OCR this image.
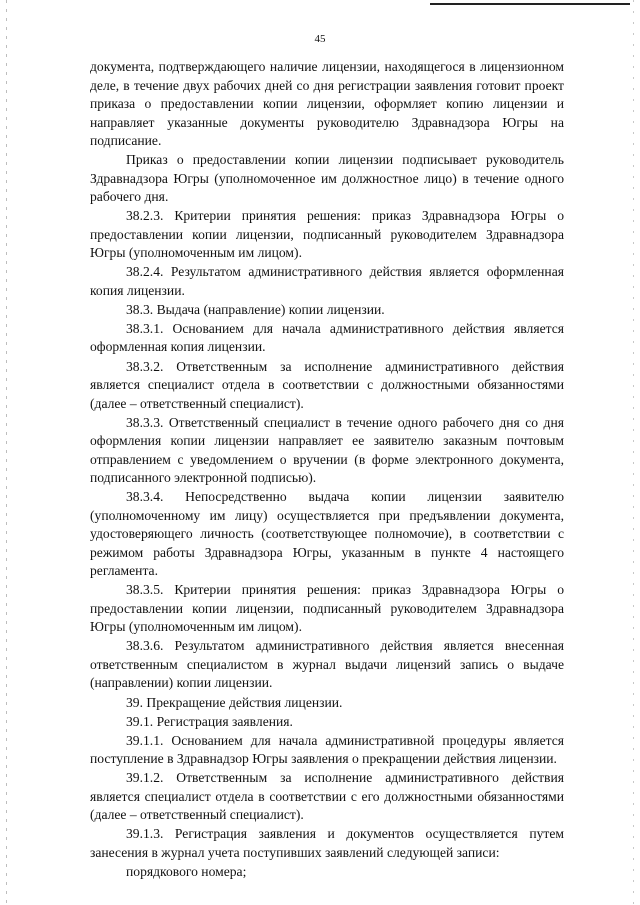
45

документа, подтверждающего наличие лицензии, находящегося в лицензионном деле, в течение двух рабочих дней со дня регистрации заявления готовит проект приказа о предоставлении копии лицензии, оформляет копию лицензии и направляет указанные документы руководителю Здравнадзора Югры на подписание.

Приказ о предоставлении копии лицензии подписывает руководитель Здравнадзора Югры (уполномоченное им должностное лицо) в течение одного рабочего дня.

38.2.3. Критерии принятия решения: приказ Здравнадзора Югры о предоставлении копии лицензии, подписанный руководителем Здравнадзора Югры (уполномоченным им лицом).

38.2.4. Результатом административного действия является оформленная копия лицензии.

38.3. Выдача (направление) копии лицензии.

38.3.1. Основанием для начала административного действия является оформленная копия лицензии.

38.3.2. Ответственным за исполнение административного действия является специалист отдела в соответствии с должностными обязанностями (далее – ответственный специалист).

38.3.3. Ответственный специалист в течение одного рабочего дня со дня оформления копии лицензии направляет ее заявителю заказным почтовым отправлением с уведомлением о вручении (в форме электронного документа, подписанного электронной подписью).

38.3.4. Непосредственно выдача копии лицензии заявителю (уполномоченному им лицу) осуществляется при предъявлении документа, удостоверяющего личность (соответствующее полномочие), в соответствии с режимом работы Здравнадзора Югры, указанным в пункте 4 настоящего регламента.

38.3.5. Критерии принятия решения: приказ Здравнадзора Югры о предоставлении копии лицензии, подписанный руководителем Здравнадзора Югры (уполномоченным им лицом).

38.3.6. Результатом административного действия является внесенная ответственным специалистом в журнал выдачи лицензий запись о выдаче (направлении) копии лицензии.

39. Прекращение действия лицензии.

39.1. Регистрация заявления.

39.1.1. Основанием для начала административной процедуры является поступление в Здравнадзор Югры заявления о прекращении действия лицензии.

39.1.2. Ответственным за исполнение административного действия является специалист отдела в соответствии с его должностными обязанностями (далее – ответственный специалист).

39.1.3. Регистрация заявления и документов осуществляется путем занесения в журнал учета поступивших заявлений следующей записи:

порядкового номера;
